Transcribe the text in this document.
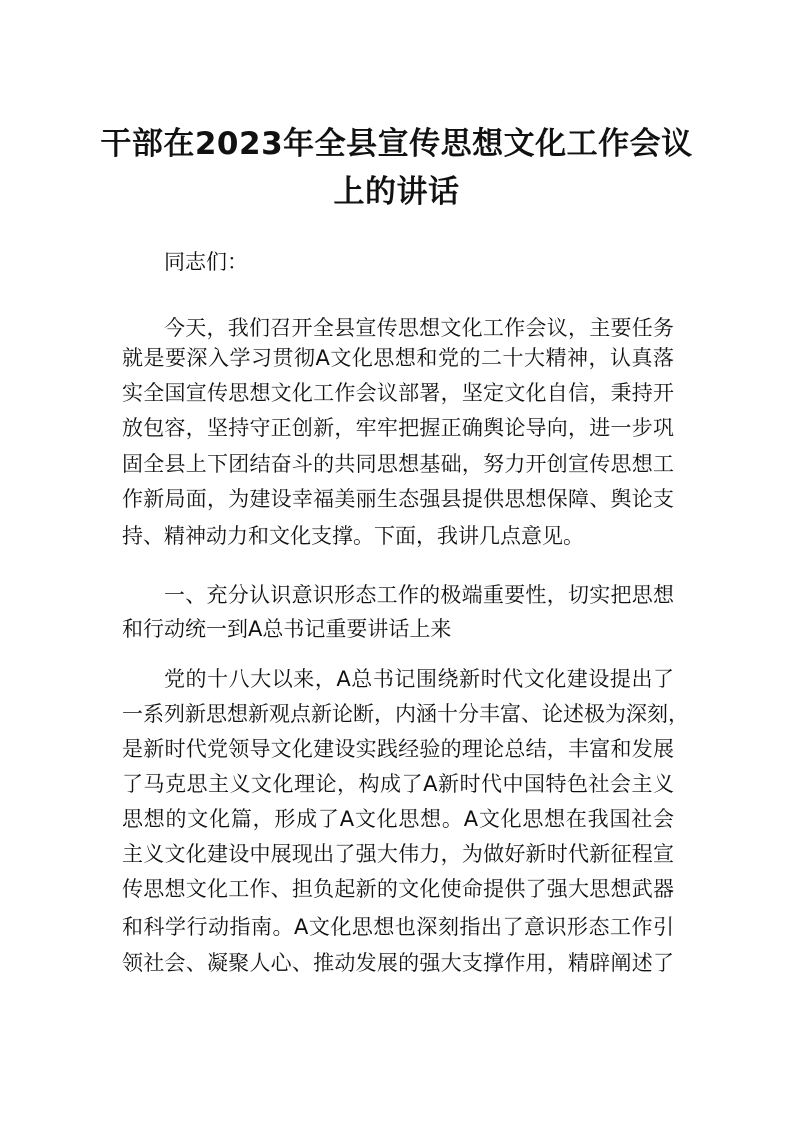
干部在2023年全县宣传思想文化工作会议
上的讲话
同志们：
今天，我们召开全县宣传思想文化工作会议，主要任务
就是要深入学习贯彻A文化思想和党的二十大精神，认真落
实全国宣传思想文化工作会议部署，坚定文化自信，秉持开
放包容，坚持守正创新，牢牢把握正确舆论导向，进一步巩
固全县上下团结奋斗的共同思想基础，努力开创宣传思想工
作新局面，为建设幸福美丽生态强县提供思想保障、舆论支
持、精神动力和文化支撑。下面，我讲几点意见。
一、充分认识意识形态工作的极端重要性，切实把思想
和行动统一到A总书记重要讲话上来
党的十八大以来，A总书记围绕新时代文化建设提出了
一系列新思想新观点新论断，内涵十分丰富、论述极为深刻，
是新时代党领导文化建设实践经验的理论总结，丰富和发展
了马克思主义文化理论，构成了A新时代中国特色社会主义
思想的文化篇，形成了A文化思想。A文化思想在我国社会
主义文化建设中展现出了强大伟力，为做好新时代新征程宣
传思想文化工作、担负起新的文化使命提供了强大思想武器
和科学行动指南。A文化思想也深刻指出了意识形态工作引
领社会、凝聚人心、推动发展的强大支撑作用，精辟阐述了
